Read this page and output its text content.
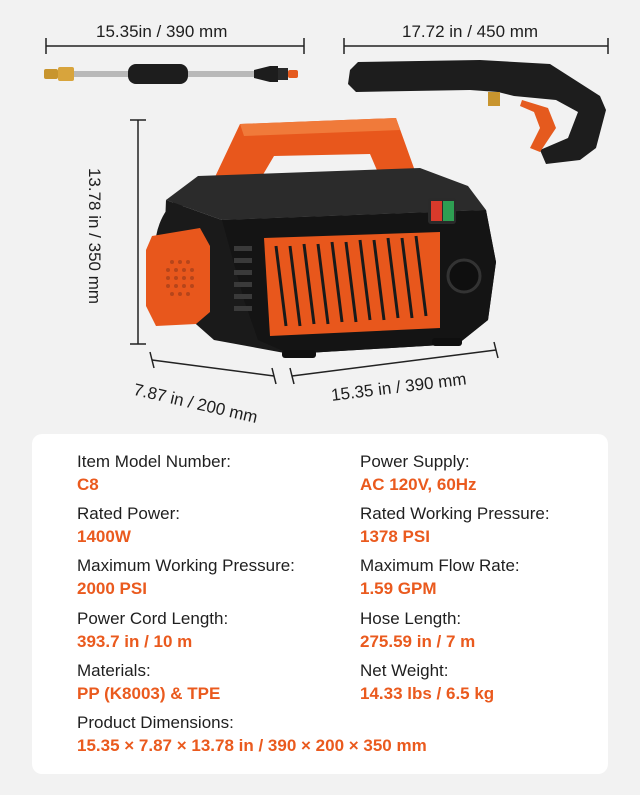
15.35in / 390 mm	17.72 in / 450 mm
13.78 in / 350 mm
7.87 in / 200 mm	15.35 in / 390 mm
Item Model Number:
C8
Power Supply:
AC 120V, 60Hz
Rated Power:
1400W
Rated Working Pressure:
1378 PSI
Maximum Working Pressure:
2000 PSI
Maximum Flow Rate:
1.59 GPM
Power Cord Length:
393.7 in / 10 m
Hose Length:
275.59 in / 7 m
Materials:
PP (K8003) & TPE
Net Weight:
14.33 lbs / 6.5 kg
Product Dimensions:
15.35 × 7.87 × 13.78 in / 390 × 200 × 350 mm
